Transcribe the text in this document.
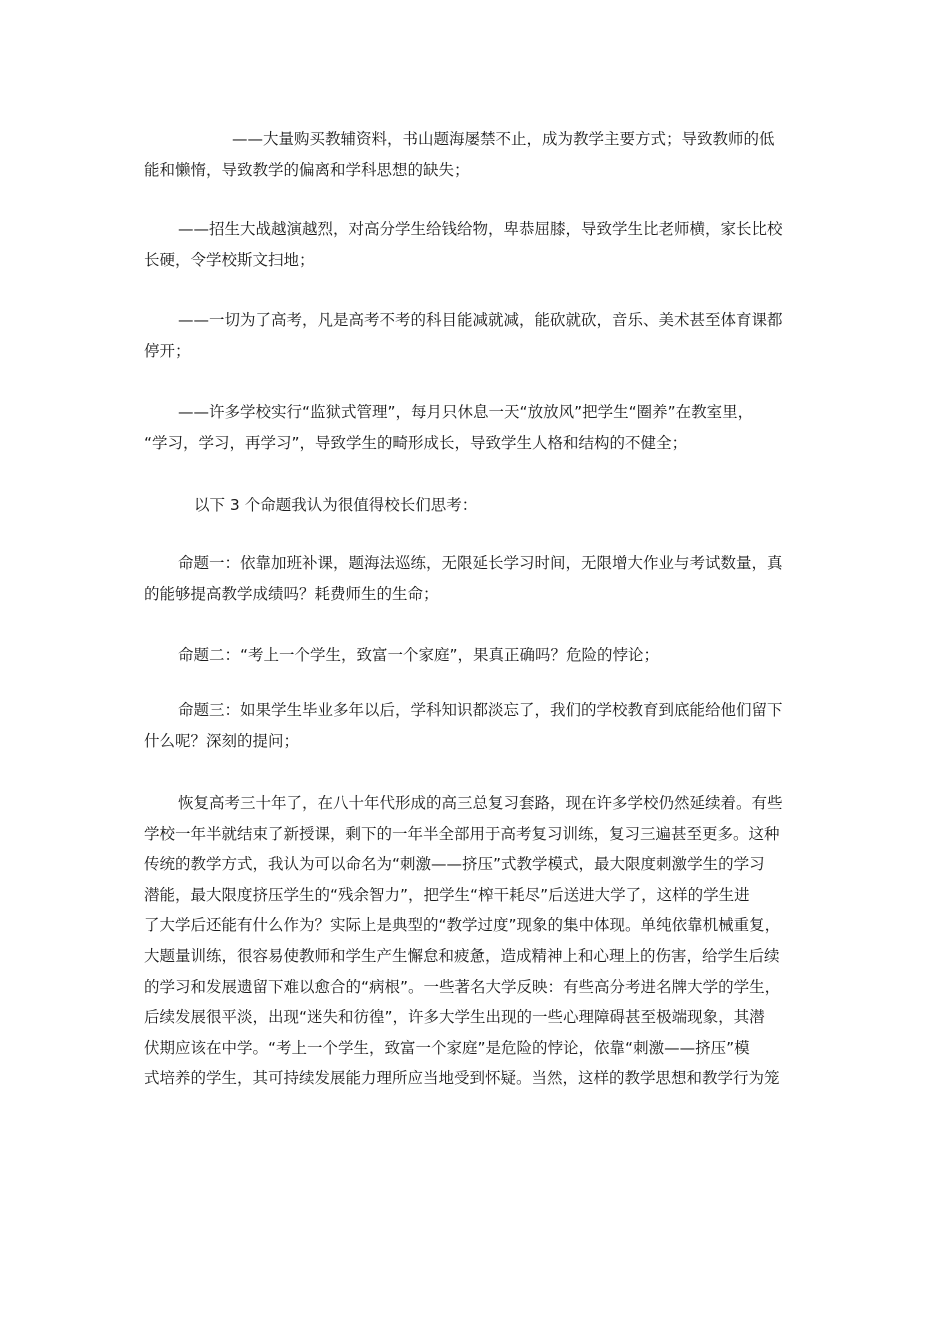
——大量购买教辅资料，书山题海屡禁不止，成为教学主要方式；导致教师的低
能和懒惰，导致教学的偏离和学科思想的缺失；

——招生大战越演越烈，对高分学生给钱给物，卑恭屈膝，导致学生比老师横，家长比校
长硬，令学校斯文扫地；

——一切为了高考，凡是高考不考的科目能减就减，能砍就砍，音乐、美术甚至体育课都
停开；

——许多学校实行“监狱式管理”，每月只休息一天“放放风”把学生“圈养”在教室里，
“学习，学习，再学习”，导致学生的畸形成长，导致学生人格和结构的不健全；

以下 3 个命题我认为很值得校长们思考：

命题一：依靠加班补课，题海法巡练，无限延长学习时间，无限增大作业与考试数量，真
的能够提高教学成绩吗？耗费师生的生命；

命题二：“考上一个学生，致富一个家庭”，果真正确吗？危险的悖论；

命题三：如果学生毕业多年以后，学科知识都淡忘了，我们的学校教育到底能给他们留下
什么呢？深刻的提问；

恢复高考三十年了，在八十年代形成的高三总复习套路，现在许多学校仍然延续着。有些
学校一年半就结束了新授课，剩下的一年半全部用于高考复习训练，复习三遍甚至更多。这种
传统的教学方式，我认为可以命名为“刺激——挤压”式教学模式，最大限度刺激学生的学习
潜能，最大限度挤压学生的“残余智力”，把学生“榨干耗尽”后送进大学了，这样的学生进
了大学后还能有什么作为？实际上是典型的“教学过度”现象的集中体现。单纯依靠机械重复，
大题量训练，很容易使教师和学生产生懈怠和疲惫，造成精神上和心理上的伤害，给学生后续
的学习和发展遗留下难以愈合的“病根”。一些著名大学反映：有些高分考进名牌大学的学生，
后续发展很平淡，出现“迷失和彷徨”，许多大学生出现的一些心理障碍甚至极端现象，其潜
伏期应该在中学。“考上一个学生，致富一个家庭”是危险的悖论，依靠“刺激——挤压”模
式培养的学生，其可持续发展能力理所应当地受到怀疑。当然，这样的教学思想和教学行为笼
